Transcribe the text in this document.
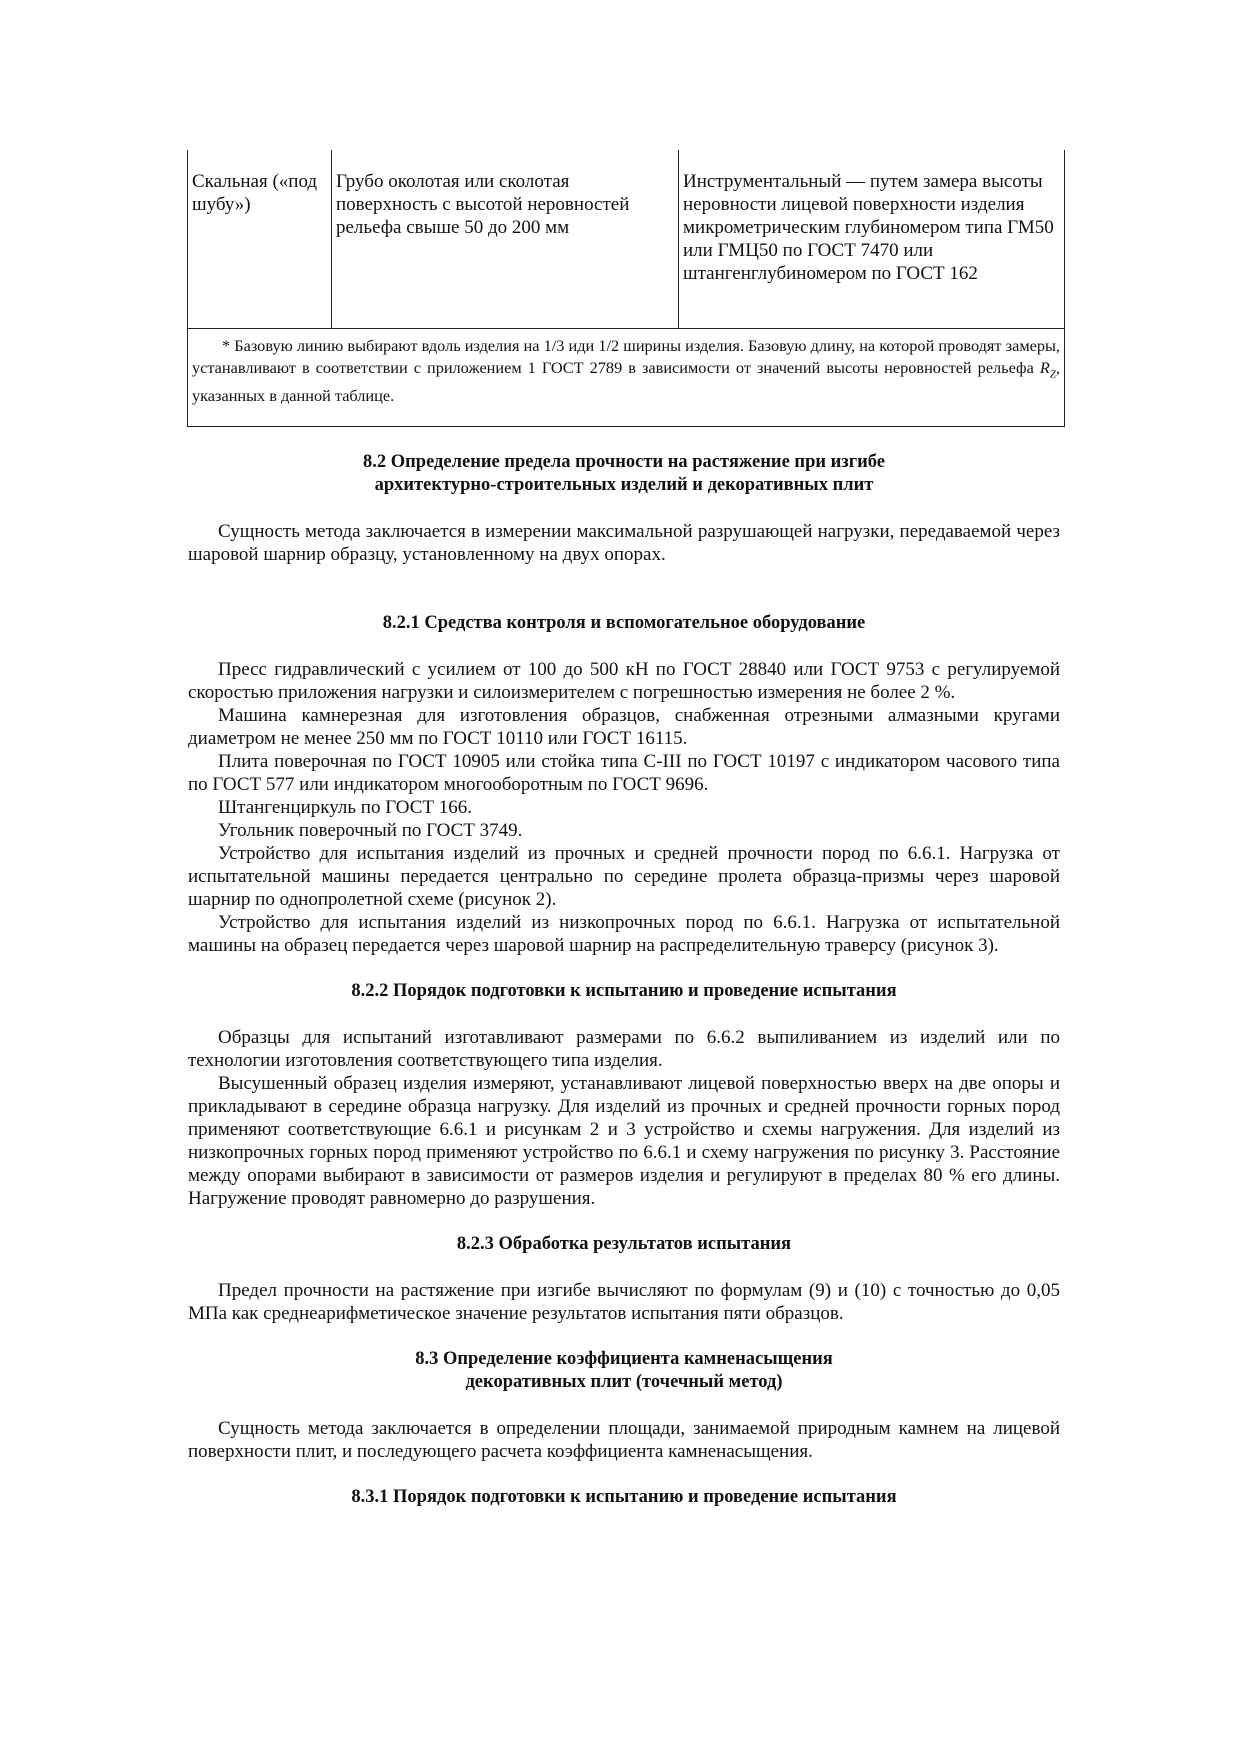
Скальная («под шубу»)	Грубо околотая или сколотая поверхность с высотой неровностей рельефа свыше 50 до 200 мм	Инструментальный — путем замера высоты неровности лицевой поверхности изделия микрометрическим глубиномером типа ГМ50 или ГМЦ50 по ГОСТ 7470 или штангенглубиномером по ГОСТ 162
* Базовую линию выбирают вдоль изделия на 1/3 иди 1/2 ширины изделия. Базовую длину, на которой проводят замеры, устанавливают в соответствии с приложением 1 ГОСТ 2789 в зависимости от значений высоты неровностей рельефа $R_Z$, указанных в данной таблице.
8.2 Определение предела прочности на растяжение при изгибе
архитектурно-строительных изделий и декоративных плит

Сущность метода заключается в измерении максимальной разрушающей нагрузки, передаваемой через шаровой шарнир образцу, установленному на двух опорах.

8.2.1 Средства контроля и вспомогательное оборудование

Пресс гидравлический с усилием от 100 до 500 кН по ГОСТ 28840 или ГОСТ 9753 с регулируемой скоростью приложения нагрузки и силоизмерителем с погрешностью измерения не более 2 %.

Машина камнерезная для изготовления образцов, снабженная отрезными алмазными кругами диаметром не менее 250 мм по ГОСТ 10110 или ГОСТ 16115.

Плита поверочная по ГОСТ 10905 или стойка типа С-III по ГОСТ 10197 с индикатором часового типа по ГОСТ 577 или индикатором многооборотным по ГОСТ 9696.

Штангенциркуль по ГОСТ 166.

Угольник поверочный по ГОСТ 3749.

Устройство для испытания изделий из прочных и средней прочности пород по 6.6.1. Нагрузка от испытательной машины передается центрально по середине пролета образца-призмы через шаровой шарнир по однопролетной схеме (рисунок 2).

Устройство для испытания изделий из низкопрочных пород по 6.6.1. Нагрузка от испытательной машины на образец передается через шаровой шарнир на распределительную траверсу (рисунок 3).

8.2.2 Порядок подготовки к испытанию и проведение испытания

Образцы для испытаний изготавливают размерами по 6.6.2 выпиливанием из изделий или по технологии изготовления соответствующего типа изделия.

Высушенный образец изделия измеряют, устанавливают лицевой поверхностью вверх на две опоры и прикладывают в середине образца нагрузку. Для изделий из прочных и средней прочности горных пород применяют соответствующие 6.6.1 и рисункам 2 и 3 устройство и схемы нагружения. Для изделий из низкопрочных горных пород применяют устройство по 6.6.1 и схему нагружения по рисунку 3. Расстояние между опорами выбирают в зависимости от размеров изделия и регулируют в пределах 80 % его длины. Нагружение проводят равномерно до разрушения.

8.2.3 Обработка результатов испытания

Предел прочности на растяжение при изгибе вычисляют по формулам (9) и (10) с точностью до 0,05 МПа как среднеарифметическое значение результатов испытания пяти образцов.

8.3 Определение коэффициента камненасыщения
декоративных плит (точечный метод)

Сущность метода заключается в определении площади, занимаемой природным камнем на лицевой поверхности плит, и последующего расчета коэффициента камненасыщения.

8.3.1 Порядок подготовки к испытанию и проведение испытания
